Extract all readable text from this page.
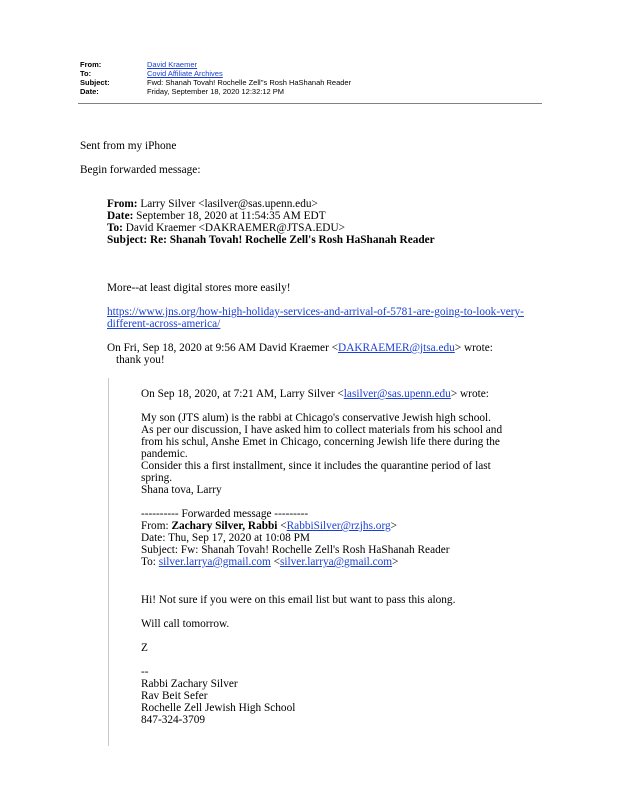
From:	David Kraemer
To:	Covid Affiliate Archives
Subject:	Fwd: Shanah Tovah! Rochelle Zell''s Rosh HaShanah Reader
Date:	Friday, September 18, 2020 12:32:12 PM
Sent from my iPhone
Begin forwarded message:
From: Larry Silver <lasilver@sas.upenn.edu>
Date: September 18, 2020 at 11:54:35 AM EDT
To: David Kraemer <DAKRAEMER@JTSA.EDU>
Subject: Re: Shanah Tovah! Rochelle Zell's Rosh HaShanah Reader
More--at least digital stores more easily!
https://www.jns.org/how-high-holiday-services-and-arrival-of-5781-are-going-to-look-very-
different-across-america/
On Fri, Sep 18, 2020 at 9:56 AM David Kraemer <DAKRAEMER@jtsa.edu> wrote:
thank you!
On Sep 18, 2020, at 7:21 AM, Larry Silver <lasilver@sas.upenn.edu> wrote:
My son (JTS alum) is the rabbi at Chicago's conservative Jewish high school.
As per our discussion, I have asked him to collect materials from his school and
from his schul, Anshe Emet in Chicago, concerning Jewish life there during the
pandemic.
Consider this a first installment, since it includes the quarantine period of last
spring.
Shana tova, Larry
---------- Forwarded message ---------
From: Zachary Silver, Rabbi <RabbiSilver@rzjhs.org>
Date: Thu, Sep 17, 2020 at 10:08 PM
Subject: Fw: Shanah Tovah! Rochelle Zell's Rosh HaShanah Reader
To: silver.larrya@gmail.com <silver.larrya@gmail.com>
Hi! Not sure if you were on this email list but want to pass this along.
Will call tomorrow.
Z
--
Rabbi Zachary Silver
Rav Beit Sefer
Rochelle Zell Jewish High School
847-324-3709
